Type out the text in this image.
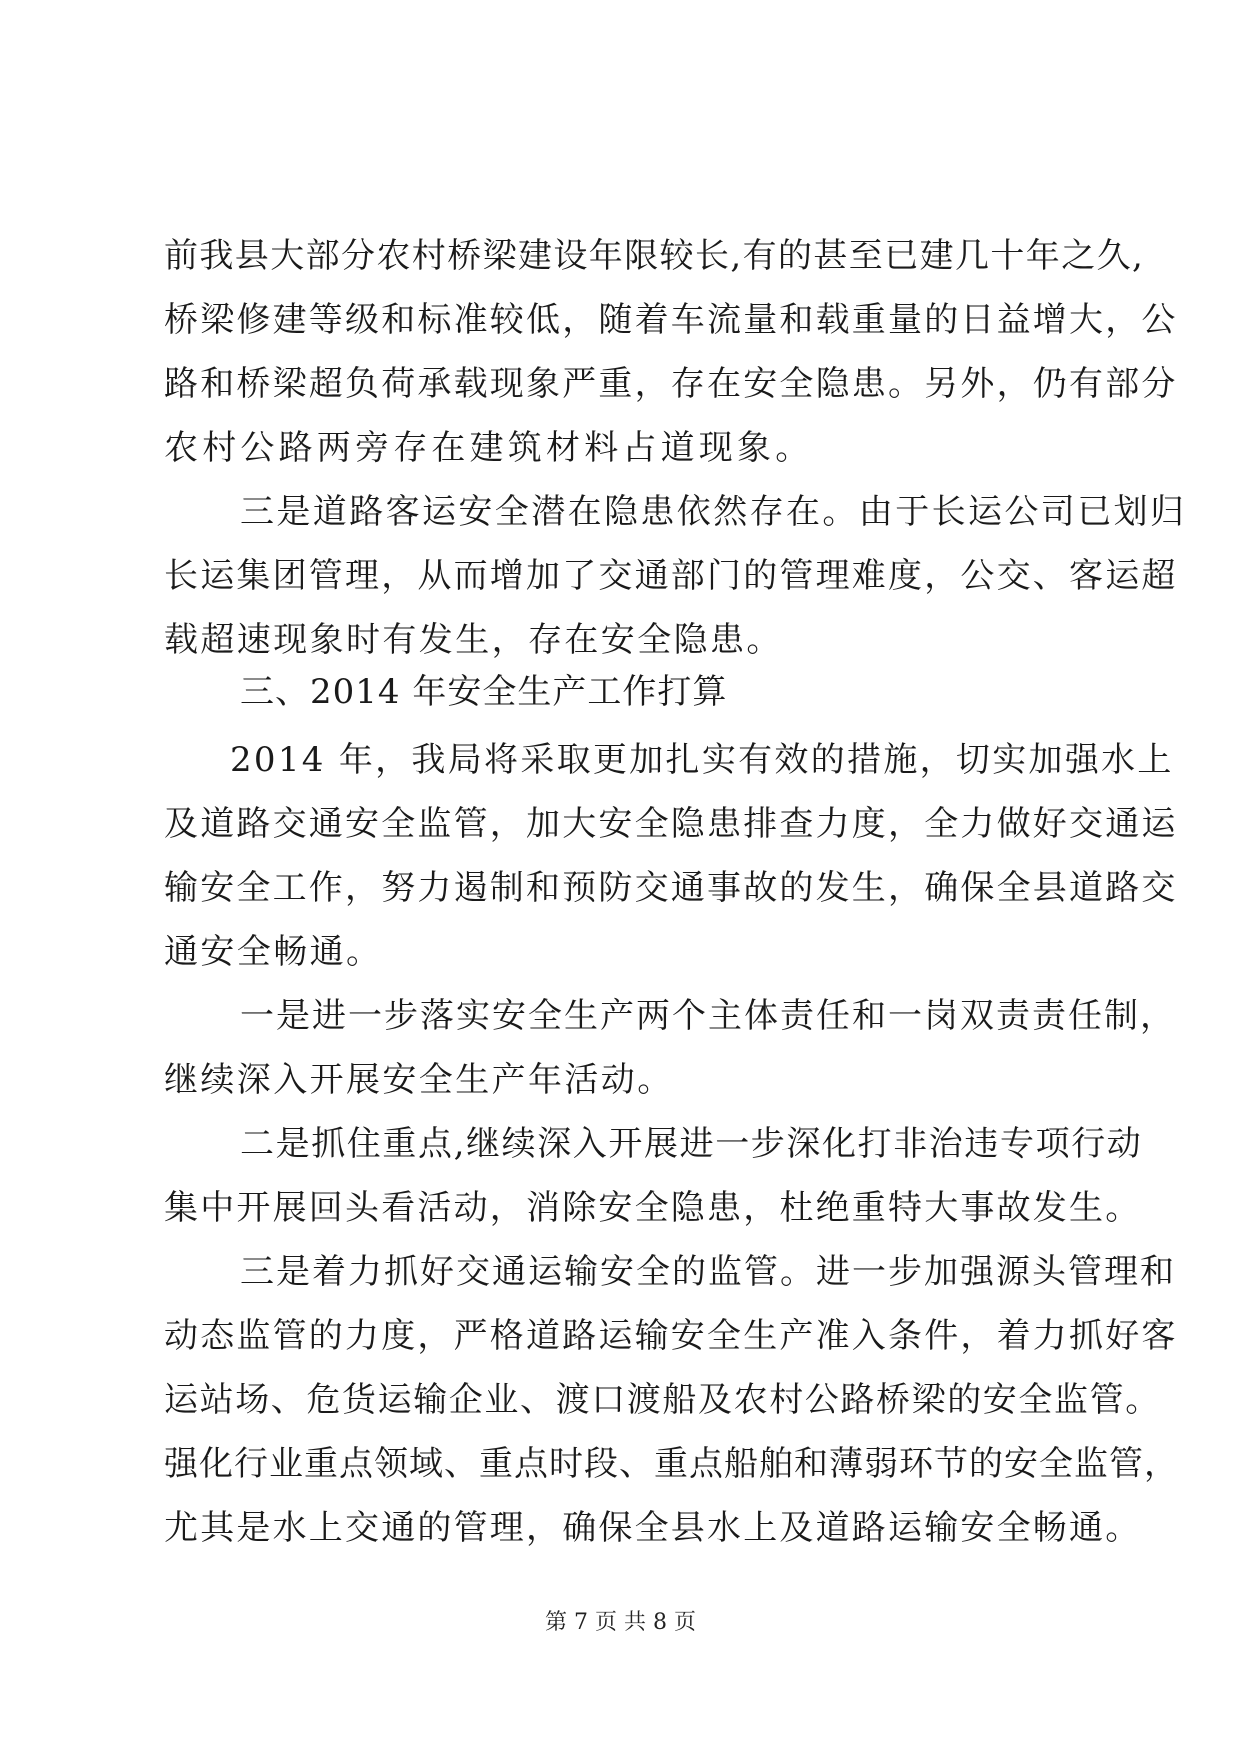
前我县大部分农村桥梁建设年限较长,有的甚至已建几十年之久,
桥梁修建等级和标准较低，随着车流量和载重量的日益增大，公
路和桥梁超负荷承载现象严重，存在安全隐患。另外，仍有部分
农村公路两旁存在建筑材料占道现象。
三是道路客运安全潜在隐患依然存在。由于长运公司已划归
长运集团管理，从而增加了交通部门的管理难度，公交、客运超
载超速现象时有发生，存在安全隐患。
三、2014 年安全生产工作打算
2014 年，我局将采取更加扎实有效的措施，切实加强水上
及道路交通安全监管，加大安全隐患排查力度，全力做好交通运
输安全工作，努力遏制和预防交通事故的发生，确保全县道路交
通安全畅通。
一是进一步落实安全生产两个主体责任和一岗双责责任制，
继续深入开展安全生产年活动。
二是抓住重点,继续深入开展进一步深化打非治违专项行动
集中开展回头看活动，消除安全隐患，杜绝重特大事故发生。
三是着力抓好交通运输安全的监管。进一步加强源头管理和
动态监管的力度，严格道路运输安全生产准入条件，着力抓好客
运站场、危货运输企业、渡口渡船及农村公路桥梁的安全监管。
强化行业重点领域、重点时段、重点船舶和薄弱环节的安全监管，
尤其是水上交通的管理，确保全县水上及道路运输安全畅通。
第 7 页 共 8 页
